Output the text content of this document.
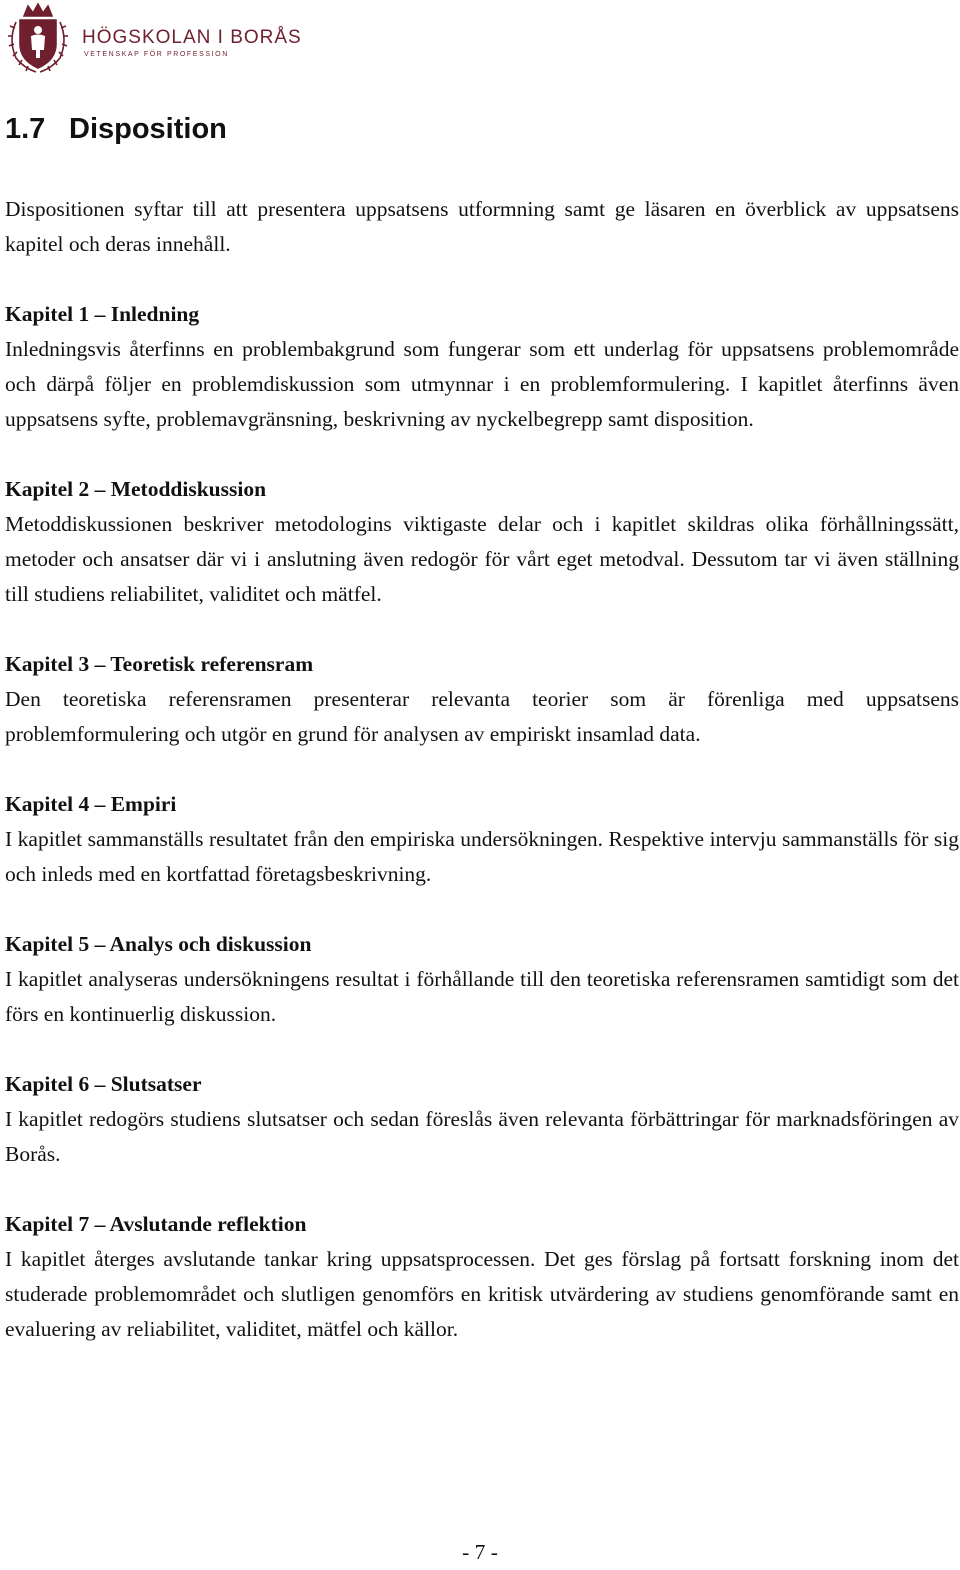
HÖGSKOLAN I BORÅS
VETENSKAP FÖR PROFESSION
1.7 Disposition

Dispositionen syftar till att presentera uppsatsens utformning samt ge läsaren en överblick av uppsatsens kapitel och deras innehåll.

Kapitel 1 – Inledning

Inledningsvis återfinns en problembakgrund som fungerar som ett underlag för uppsatsens problemområde och därpå följer en problemdiskussion som utmynnar i en problemformulering. I kapitlet återfinns även uppsatsens syfte, problemavgränsning, beskrivning av nyckelbegrepp samt disposition.

Kapitel 2 – Metoddiskussion

Metoddiskussionen beskriver metodologins viktigaste delar och i kapitlet skildras olika förhållningssätt, metoder och ansatser där vi i anslutning även redogör för vårt eget metodval. Dessutom tar vi även ställning till studiens reliabilitet, validitet och mätfel.

Kapitel 3 – Teoretisk referensram

Den teoretiska referensramen presenterar relevanta teorier som är förenliga med uppsatsens problemformulering och utgör en grund för analysen av empiriskt insamlad data.

Kapitel 4 – Empiri

I kapitlet sammanställs resultatet från den empiriska undersökningen. Respektive intervju sammanställs för sig och inleds med en kortfattad företagsbeskrivning.

Kapitel 5 – Analys och diskussion

I kapitlet analyseras undersökningens resultat i förhållande till den teoretiska referensramen samtidigt som det förs en kontinuerlig diskussion.

Kapitel 6 – Slutsatser

I kapitlet redogörs studiens slutsatser och sedan föreslås även relevanta förbättringar för marknadsföringen av Borås.

Kapitel 7 – Avslutande reflektion

I kapitlet återges avslutande tankar kring uppsatsprocessen. Det ges förslag på fortsatt forskning inom det studerade problemområdet och slutligen genomförs en kritisk utvärdering av studiens genomförande samt en evaluering av reliabilitet, validitet, mätfel och källor.

- 7 -
